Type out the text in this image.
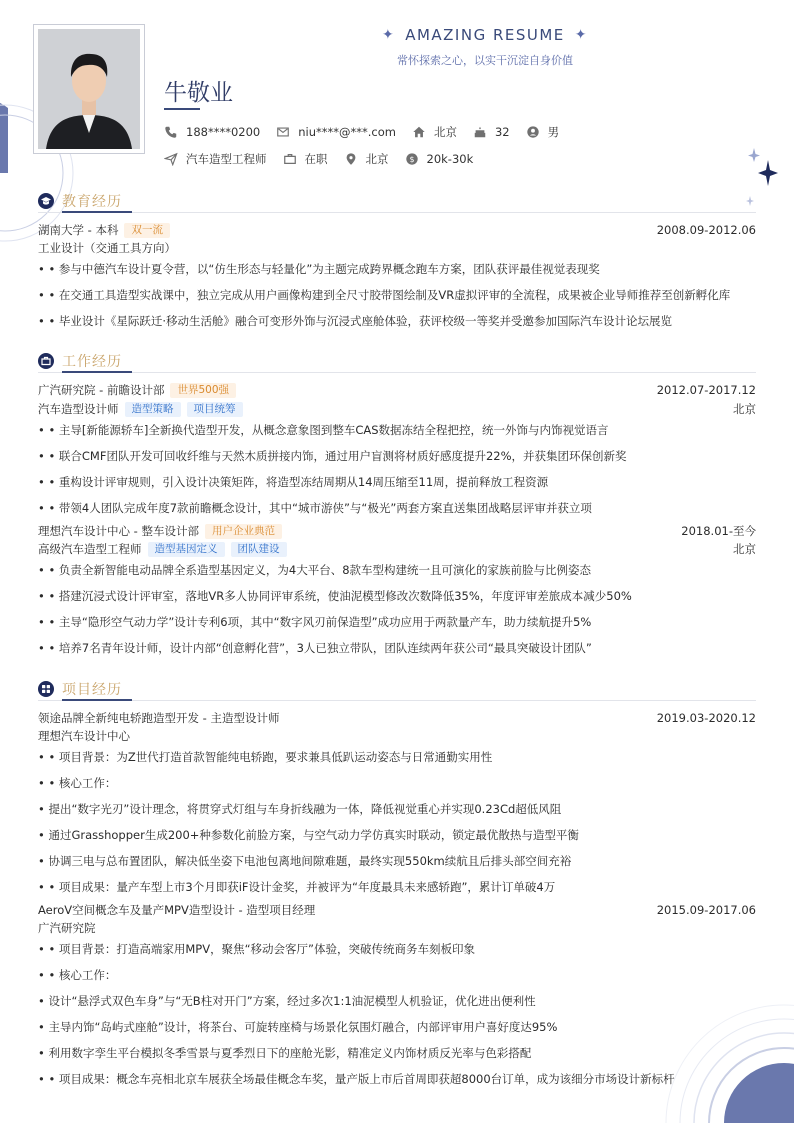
✦ AMAZING RESUME ✦
常怀探索之心，以实干沉淀自身价值
牛敬业
188****0200	niu****@***.com	北京	32	男
汽车造型工程师	在职	北京 $ 20k-30k
教育经历
湖南大学 - 本科	双一流	2008.09-2012.06
工业设计（交通工具方向）
• • 参与中德汽车设计夏令营，以“仿生形态与轻量化”为主题完成跨界概念跑车方案，团队获评最佳视觉表现奖
• • 在交通工具造型实战课中，独立完成从用户画像构建到全尺寸胶带图绘制及VR虚拟评审的全流程，成果被企业导师推荐至创新孵化库
• • 毕业设计《星际跃迁·移动生活舱》融合可变形外饰与沉浸式座舱体验，获评校级一等奖并受邀参加国际汽车设计论坛展览
工作经历
广汽研究院 - 前瞻设计部	世界500强	2012.07-2017.12
汽车造型设计师	造型策略	项目统筹	北京
• • 主导[新能源轿车]全新换代造型开发，从概念意象图到整车CAS数据冻结全程把控，统一外饰与内饰视觉语言
• • 联合CMF团队开发可回收纤维与天然木质拼接内饰，通过用户盲测将材质好感度提升22%，并获集团环保创新奖
• • 重构设计评审规则，引入设计决策矩阵，将造型冻结周期从14周压缩至11周，提前释放工程资源
• • 带领4人团队完成年度7款前瞻概念设计，其中“城市游侠”与“极光”两套方案直送集团战略层评审并获立项
理想汽车设计中心 - 整车设计部	用户企业典范	2018.01-至今
高级汽车造型工程师	造型基因定义	团队建设	北京
• • 负责全新智能电动品牌全系造型基因定义，为4大平台、8款车型构建统一且可演化的家族前脸与比例姿态
• • 搭建沉浸式设计评审室，落地VR多人协同评审系统，使油泥模型修改次数降低35%，年度评审差旅成本减少50%
• • 主导“隐形空气动力学”设计专利6项，其中“数字风刃前保造型”成功应用于两款量产车，助力续航提升5%
• • 培养7名青年设计师，设计内部“创意孵化营”，3人已独立带队，团队连续两年获公司“最具突破设计团队”
项目经历
领途品牌全新纯电轿跑造型开发 - 主造型设计师	2019.03-2020.12
理想汽车设计中心
• • 项目背景：为Z世代打造首款智能纯电轿跑，要求兼具低趴运动姿态与日常通勤实用性
• • 核心工作：
• 提出“数字光刃”设计理念，将贯穿式灯组与车身折线融为一体，降低视觉重心并实现0.23Cd超低风阻
• 通过Grasshopper生成200+种参数化前脸方案，与空气动力学仿真实时联动，锁定最优散热与造型平衡
• 协调三电与总布置团队，解决低坐姿下电池包离地间隙难题，最终实现550km续航且后排头部空间充裕
• • 项目成果：量产车型上市3个月即获iF设计金奖，并被评为“年度最具未来感轿跑”，累计订单破4万
AeroV空间概念车及量产MPV造型设计 - 造型项目经理	2015.09-2017.06
广汽研究院
• • 项目背景：打造高端家用MPV，聚焦“移动会客厅”体验，突破传统商务车刻板印象
• • 核心工作：
• 设计“悬浮式双色车身”与“无B柱对开门”方案，经过多次1:1油泥模型人机验证，优化进出便利性
• 主导内饰“岛屿式座舱”设计，将茶台、可旋转座椅与场景化氛围灯融合，内部评审用户喜好度达95%
• 利用数字孪生平台模拟冬季雪景与夏季烈日下的座舱光影，精准定义内饰材质反光率与色彩搭配
• • 项目成果：概念车亮相北京车展获全场最佳概念车奖，量产版上市后首周即获超8000台订单，成为该细分市场设计新标杆
